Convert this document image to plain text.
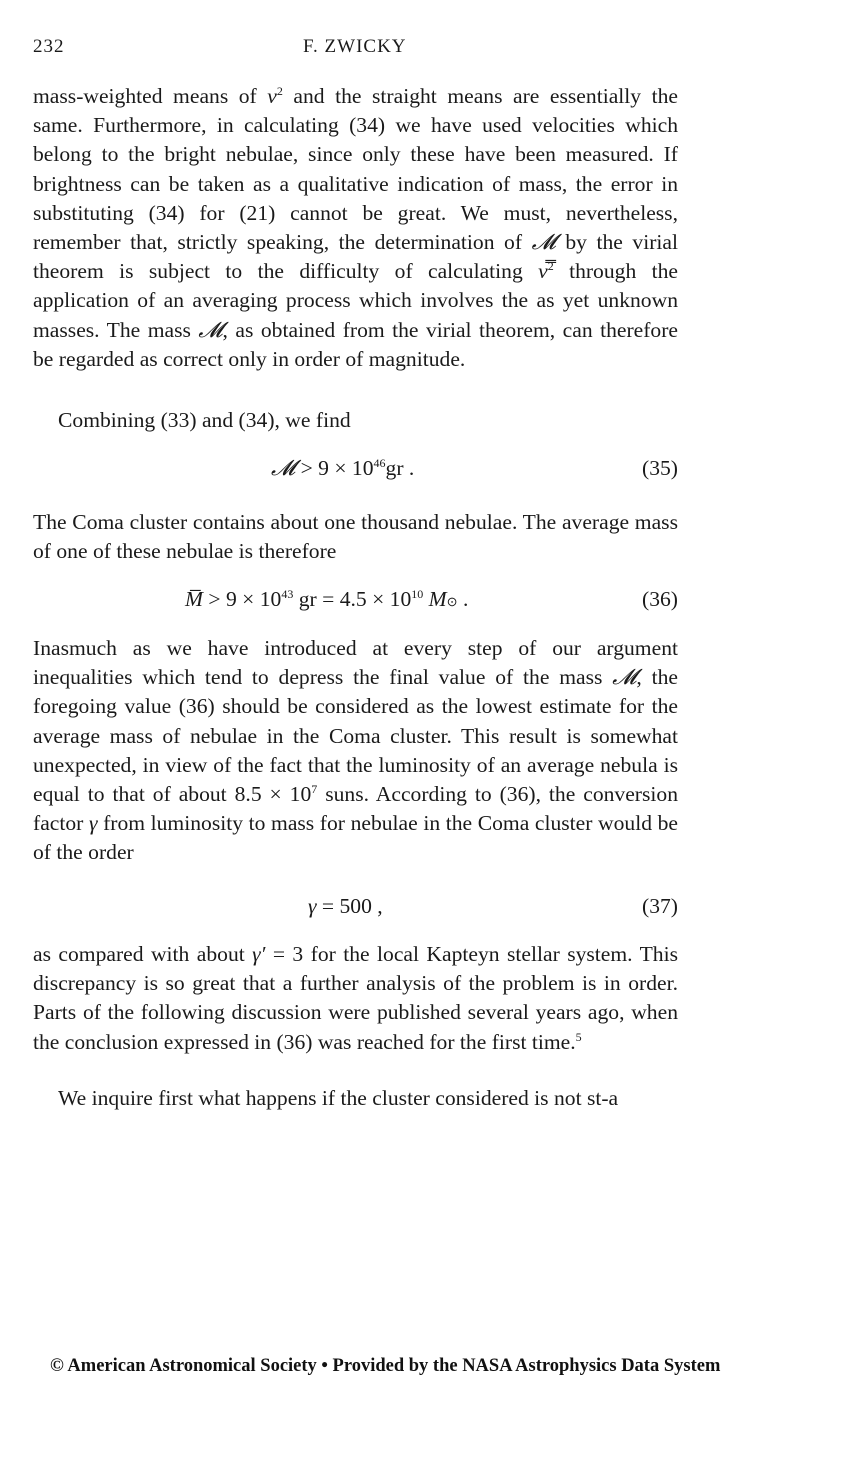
232	F. ZWICKY

mass-weighted means of $v^2$ and the straight means are essentially the same. Furthermore, in calculating (34) we have used velocities which belong to the bright nebulae, since only these have been measured. If brightness can be taken as a qualitative indication of mass, the error in substituting (34) for (21) cannot be great. We must, nevertheless, remember that, strictly speaking, the determination of 𝓜 by the virial theorem is subject to the difficulty of calculating v̿$^2$ through the application of an averaging process which involves the as yet unknown masses. The mass 𝓜, as obtained from the virial theorem, can therefore be regarded as correct only in order of magnitude.

Combining (33) and (34), we find

𝓜 > $9 \times 10^{46}gr$ .	(35)

The Coma cluster contains about one thousand nebulae. The average mass of one of these nebulae is therefore

M̅ > $9 \times 10^{43}$ gr = $4.5 \times 10^{10}$ M⊙ .	(36)

Inasmuch as we have introduced at every step of our argument inequalities which tend to depress the final value of the mass 𝓜, the foregoing value (36) should be considered as the lowest estimate for the average mass of nebulae in the Coma cluster. This result is somewhat unexpected, in view of the fact that the luminosity of an average nebula is equal to that of about $8.5 \times 10^7$ suns. According to (36), the conversion factor γ from luminosity to mass for nebulae in the Coma cluster would be of the order

γ = 500 ,	(37)

as compared with about γ′ = 3 for the local Kapteyn stellar system. This discrepancy is so great that a further analysis of the problem is in order. Parts of the following discussion were published several years ago, when the conclusion expressed in (36) was reached for the first time.$^5$

We inquire first what happens if the cluster considered is not st-a

© American Astronomical Society • Provided by the NASA Astrophysics Data System
